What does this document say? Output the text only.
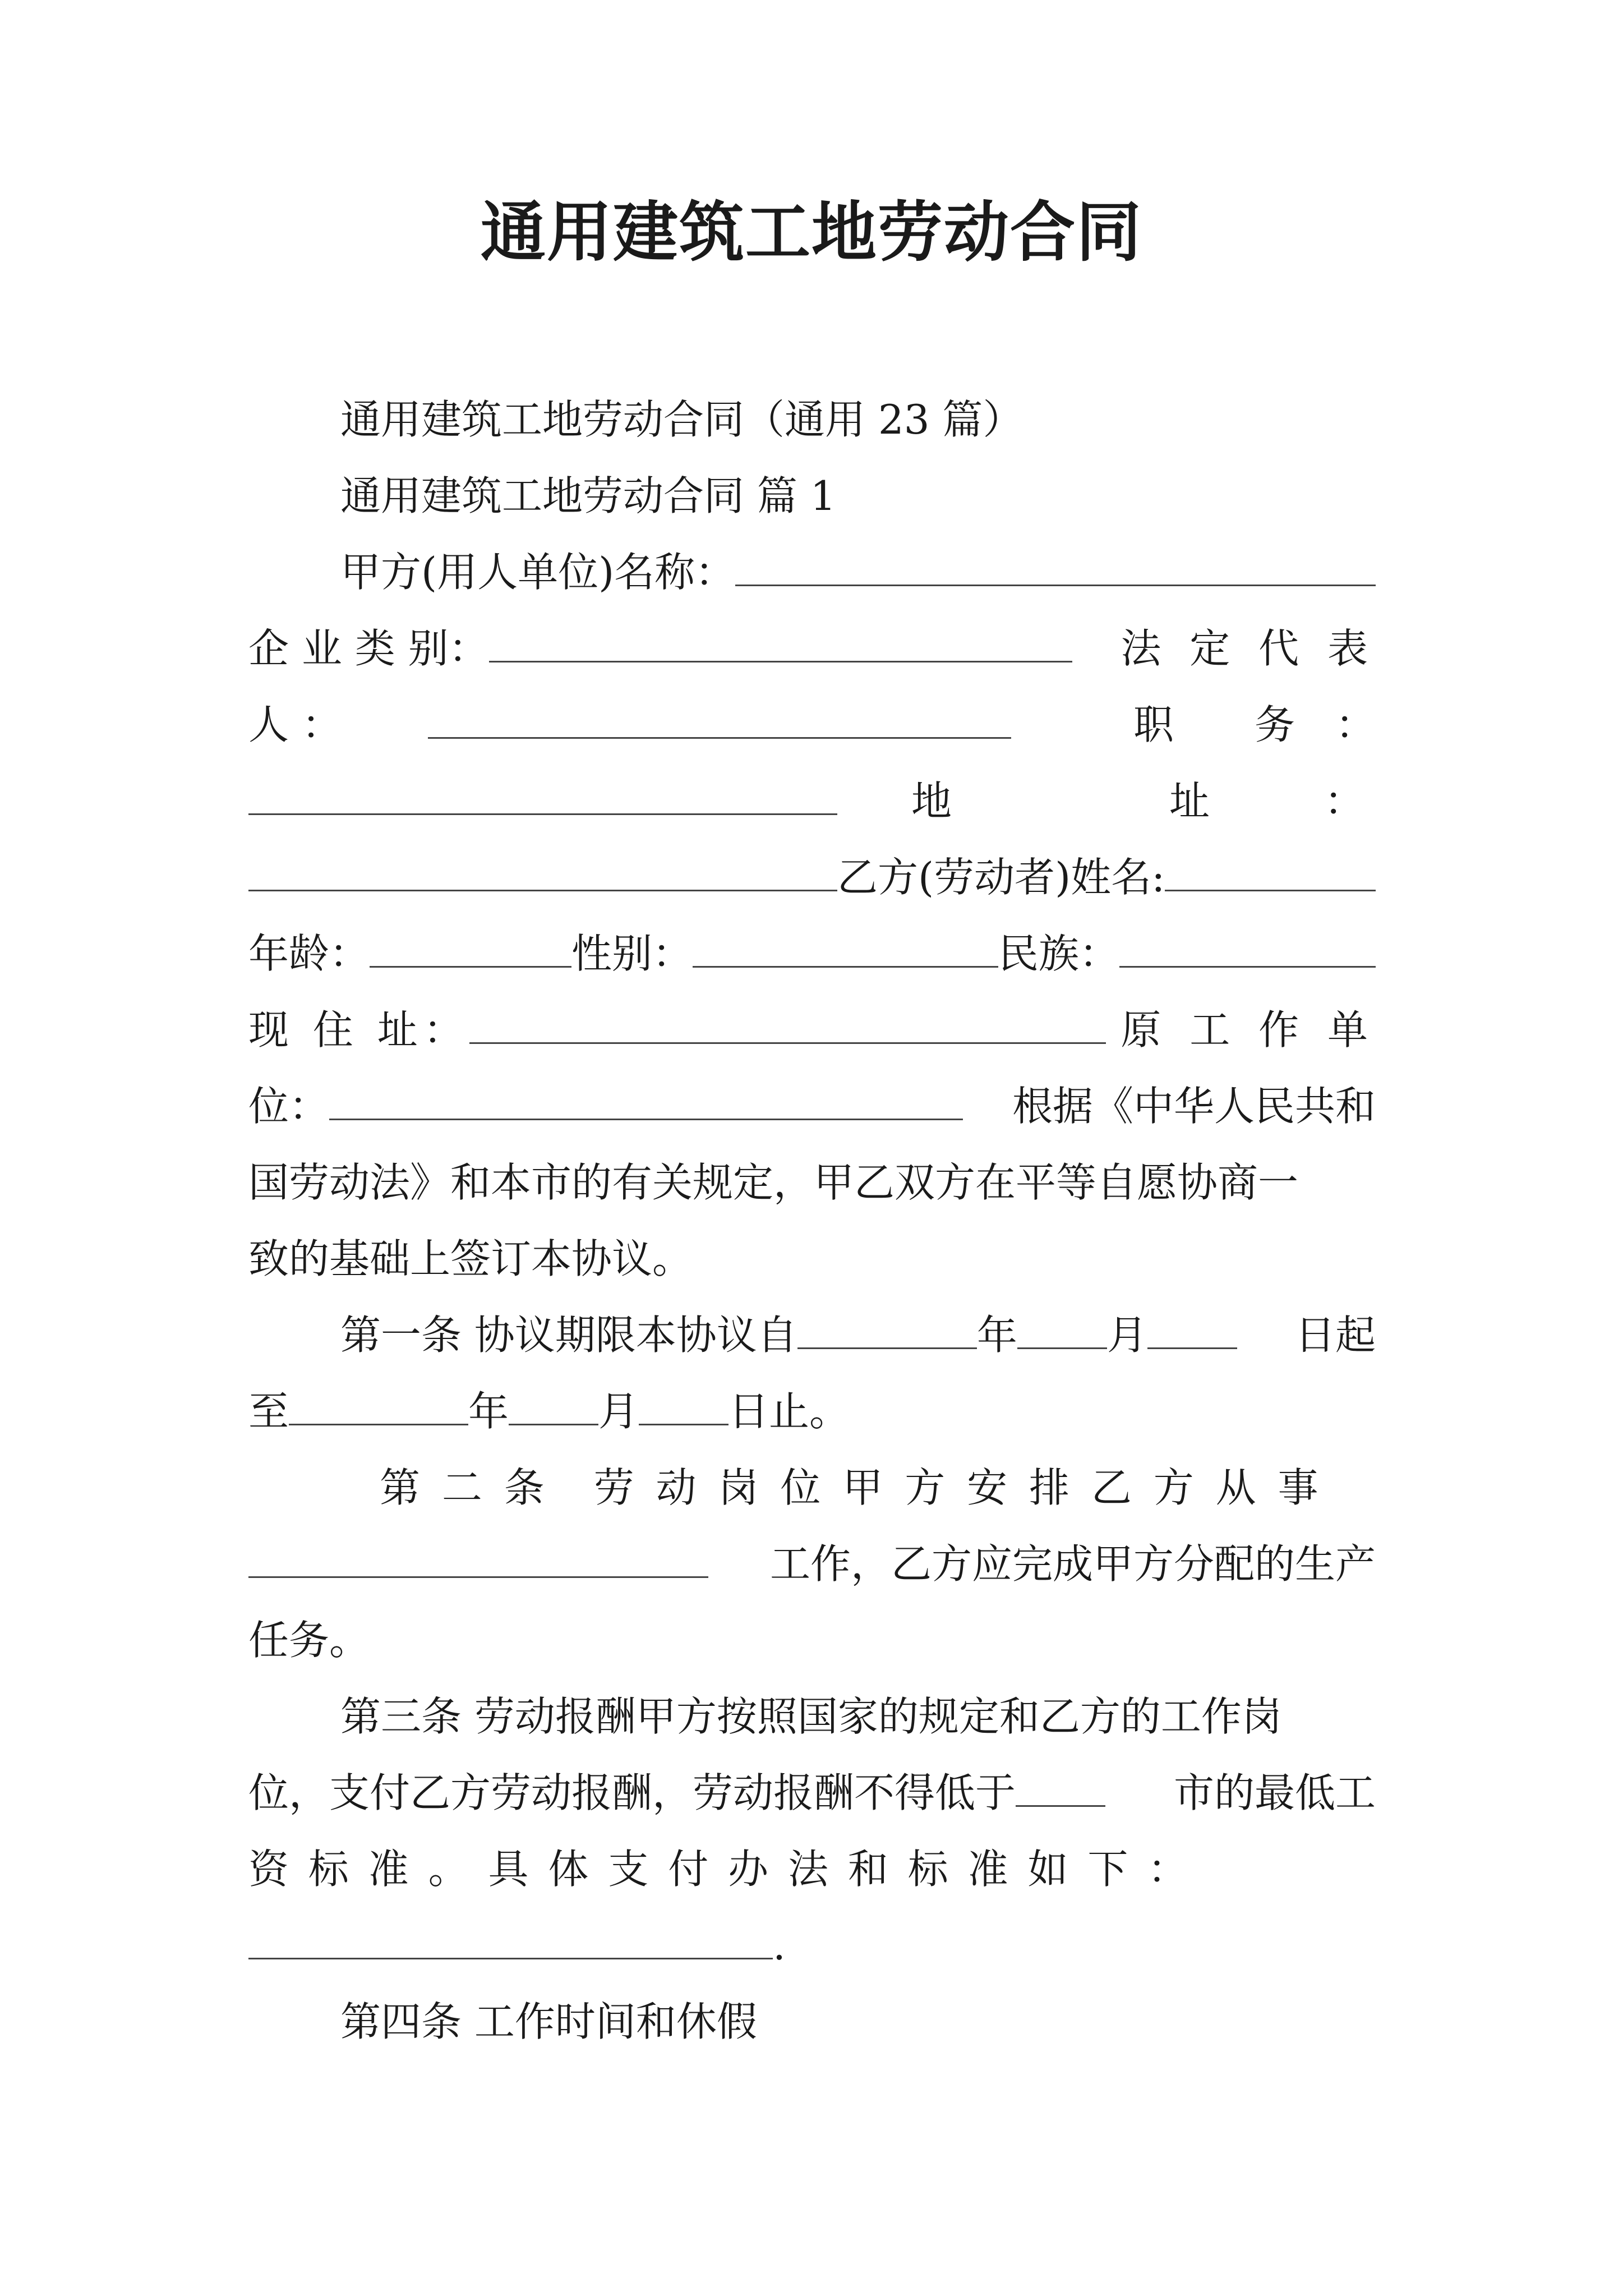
通用建筑工地劳动合同
通用建筑工地劳动合同（通用 23 篇）
通用建筑工地劳动合同 篇 1
甲方(用人单位)名称：
企 业 类 别：	法 定 代 表
人 ：	职　　务　：
地　　　　址　　：
乙方(劳动者)姓名:
年龄：	性别：	民族：
现 住 址：	原 工 作 单
位：	根据《中华人民共 和
国劳动法》和本市的有关规定，甲乙双方在平等自愿协商一
致的基础上签订本协议。
第一条 协议期限本协议自	年 月	日起
至	年 月 日止。
第 二 条　劳 动 岗 位 甲 方 安 排 乙 方 从 事
工作，乙方应完成甲方分配的生产
任务。
第三条 劳动报酬甲方按照国家的规定和乙方的工作岗
位，支付乙方劳动报酬，劳动报酬不得低于	市的最低工
资 标 准 。 具 体 支 付 办 法 和 标 准 如 下 ：
.
第四条 工作时间和休假
